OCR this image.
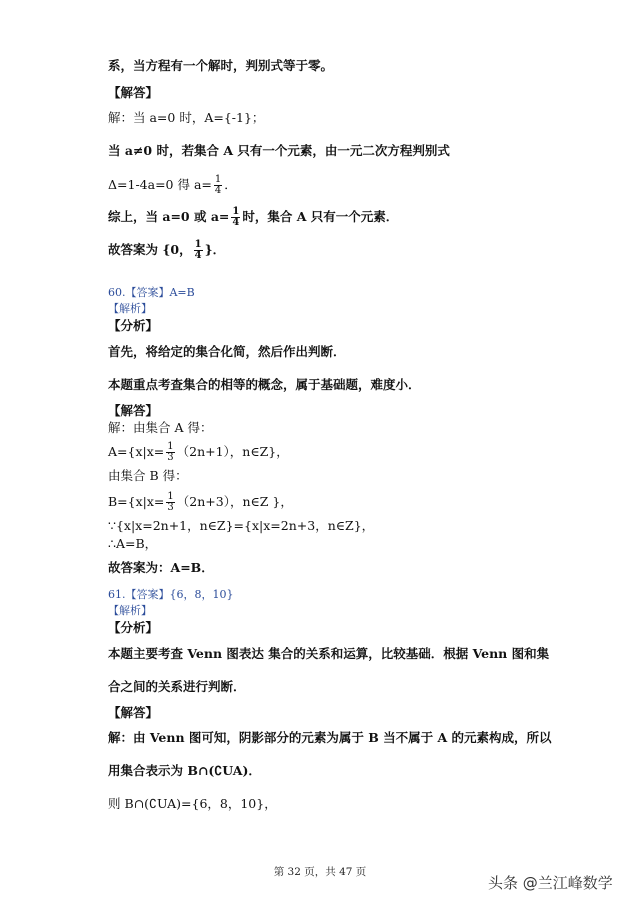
系，当方程有一个解时，判别式等于零。
【解答】
解：当 a=0 时，A={-1}；
当 a≠0 时，若集合 A 只有一个元素，由一元二次方程判别式
Δ=1-4a=0 得 $a= \frac{1}{4}$ ．
综上，当 a=0 或 $a= \frac{1}{4}$ 时，集合 A 只有一个元素．
故答案为 {0， $\frac{1}{4}$ }．
60.【答案】A=B
【解析】
【分析】
首先，将给定的集合化简，然后作出判断．
本题重点考查集合的相等的概念，属于基础题，难度小．
【解答】
解：由集合 A 得：
$A=\{x|x= \frac{1}{3} (2n+1)$，n∈Z}，
由集合 B 得：
$B=\{x|x= \frac{1}{3} (2n+3)$，n∈Z }，
∵{x|x=2n+1，n∈Z}={x|x=2n+3，n∈Z}，
∴A=B，
故答案为：A=B．
61.【答案】{6，8，10}
【解析】
【分析】
本题主要考查 Venn 图表达 集合的关系和运算，比较基础．根据 Venn 图和集
合之间的关系进行判断．
【解答】
解：由 Venn 图可知，阴影部分的元素为属于 B 当不属于 A 的元素构成，所以
用集合表示为 B∩(∁UA)．
则 B∩(∁UA)={6，8，10}，
第 32 页，共 47 页
头条 @兰江峰数学
